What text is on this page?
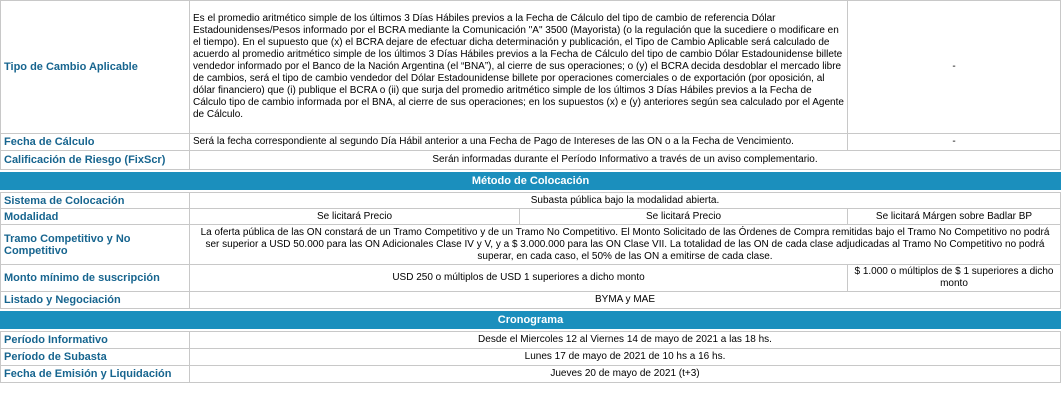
Tipo de Cambio Aplicable	Es el promedio aritmético simple de los últimos 3 Días Hábiles previos a la Fecha de Cálculo del tipo de cambio de referencia Dólar Estadounidenses/Pesos informado por el BCRA mediante la Comunicación "A" 3500 (Mayorista) (o la regulación que la sucediere o modificare en el tiempo). En el supuesto que (x) el BCRA dejare de efectuar dicha determinación y publicación, el Tipo de Cambio Aplicable será calculado de acuerdo al promedio aritmético simple de los últimos 3 Días Hábiles previos a la Fecha de Cálculo del tipo de cambio Dólar Estadounidense billete vendedor informado por el Banco de la Nación Argentina (el “BNA”), al cierre de sus operaciones; o (y) el BCRA decida desdoblar el mercado libre de cambios, será el tipo de cambio vendedor del Dólar Estadounidense billete por operaciones comerciales o de exportación (por oposición, al dólar financiero) que (i) publique el BCRA o (ii) que surja del promedio aritmético simple de los últimos 3 Días Hábiles previos a la Fecha de Cálculo tipo de cambio informada por el BNA, al cierre de sus operaciones; en los supuestos (x) e (y) anteriores según sea calculado por el Agente de Cálculo.		-
Fecha de Cálculo	Será la fecha correspondiente al segundo Día Hábil anterior a una Fecha de Pago de Intereses de las ON o a la Fecha de Vencimiento.		-
Calificación de Riesgo (FixScr)	Serán informadas durante el Período Informativo a través de un aviso complementario.		

Método de Colocación			

Sistema de Colocación	Subasta pública bajo la modalidad abierta.		
Modalidad	Se licitará Precio	Se licitará Precio	Se licitará Márgen sobre Badlar BP
Tramo Competitivo y No Competitivo	La oferta pública de las ON constará de un Tramo Competitivo y de un Tramo No Competitivo. El Monto Solicitado de las Órdenes de Compra remitidas bajo el Tramo No Competitivo no podrá ser superior a USD 50.000 para las ON Adicionales Clase IV y V, y a $ 3.000.000 para las ON Clase VII. La totalidad de las ON de cada clase adjudicadas al Tramo No Competitivo no podrá superar, en cada caso, el 50% de las ON a emitirse de cada clase.		
Monto mínimo de suscripción	USD 250 o múltiplos de USD 1 superiores a dicho monto		$ 1.000 o múltiplos de $ 1 superiores a dicho monto
Listado y Negociación	BYMA y MAE		

Cronograma			

Período Informativo	Desde el Miercoles 12 al Viernes 14 de mayo de 2021 a las 18 hs.		
Período de Subasta	Lunes 17 de mayo de 2021 de 10 hs a 16 hs.		
Fecha de Emisión y Liquidación	Jueves 20 de mayo de 2021 (t+3)		
